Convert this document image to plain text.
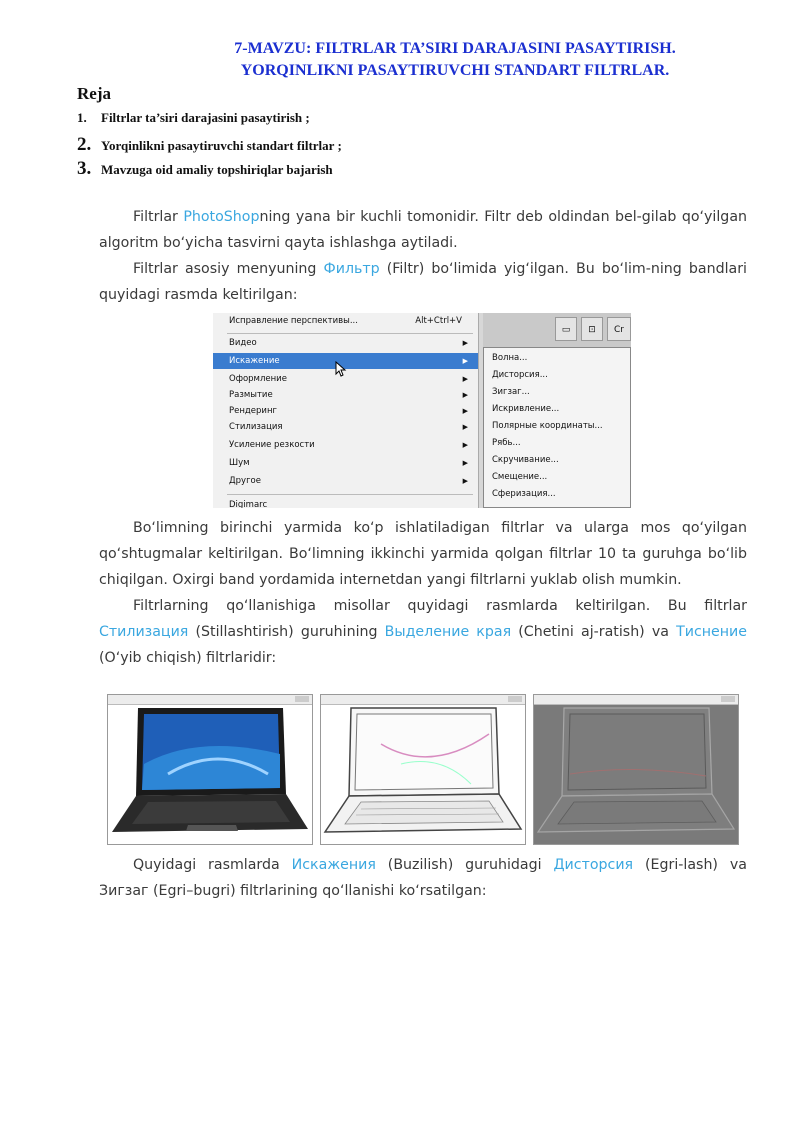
7-MAVZU: FILTRLAR TA’SIRI DARAJASINI PASAYTIRISH.
YORQINLIKNI PASAYTIRUVCHI STANDART FILTRLAR.
Reja
1.	Filtrlar ta’siri darajasini pasaytirish ;
2. Yorqinlikni pasaytiruvchi standart filtrlar ;
3. Mavzuga oid amaliy topshiriqlar bajarish

Filtrlar PhotoShopning yana bir kuchli tomonidir. Filtr deb oldindan bel-gilab qo‘yilgan algoritm bo‘yicha tasvirni qayta ishlashga aytiladi.

Filtrlar asosiy menyuning Фильтр (Filtr) bo‘limida yig‘ilgan. Bu bo‘lim-ning bandlari quyidagi rasmda keltirilgan:

Исправление перспективы...	Alt+Ctrl+V
Видео	▶
Искажение	▶
Оформление	▶
Размытие	▶
Рендеринг	▶
Стилизация	▶
Усиление резкости	▶
Шум	▶
Другое	▶
Digimarc
▭	⊡	Cr
Волна...
Дисторсия...
Зигзаг...
Искривление...
Полярные координаты...
Рябь...
Скручивание...
Смещение...
Сферизация...

Bo‘limning birinchi yarmida ko‘p ishlatiladigan filtrlar va ularga mos qo‘yilgan qo‘shtugmalar keltirilgan. Bo‘limning ikkinchi yarmida qolgan filtrlar 10 ta guruhga bo‘lib chiqilgan. Oxirgi band yordamida internetdan yangi filtrlarni yuklab olish mumkin.

Filtrlarning qo‘llanishiga misollar quyidagi rasmlarda keltirilgan. Bu filtrlar Стилизация (Stillashtirish) guruhining Выделение края (Chetini aj-ratish) va Тиснение (O‘yib chiqish) filtrlaridir:

Quyidagi rasmlarda Искажения (Buzilish) guruhidagi Дисторсия (Egri-lash) va Зигзаг (Egri–bugri) filtrlarining qo‘llanishi ko‘rsatilgan:
